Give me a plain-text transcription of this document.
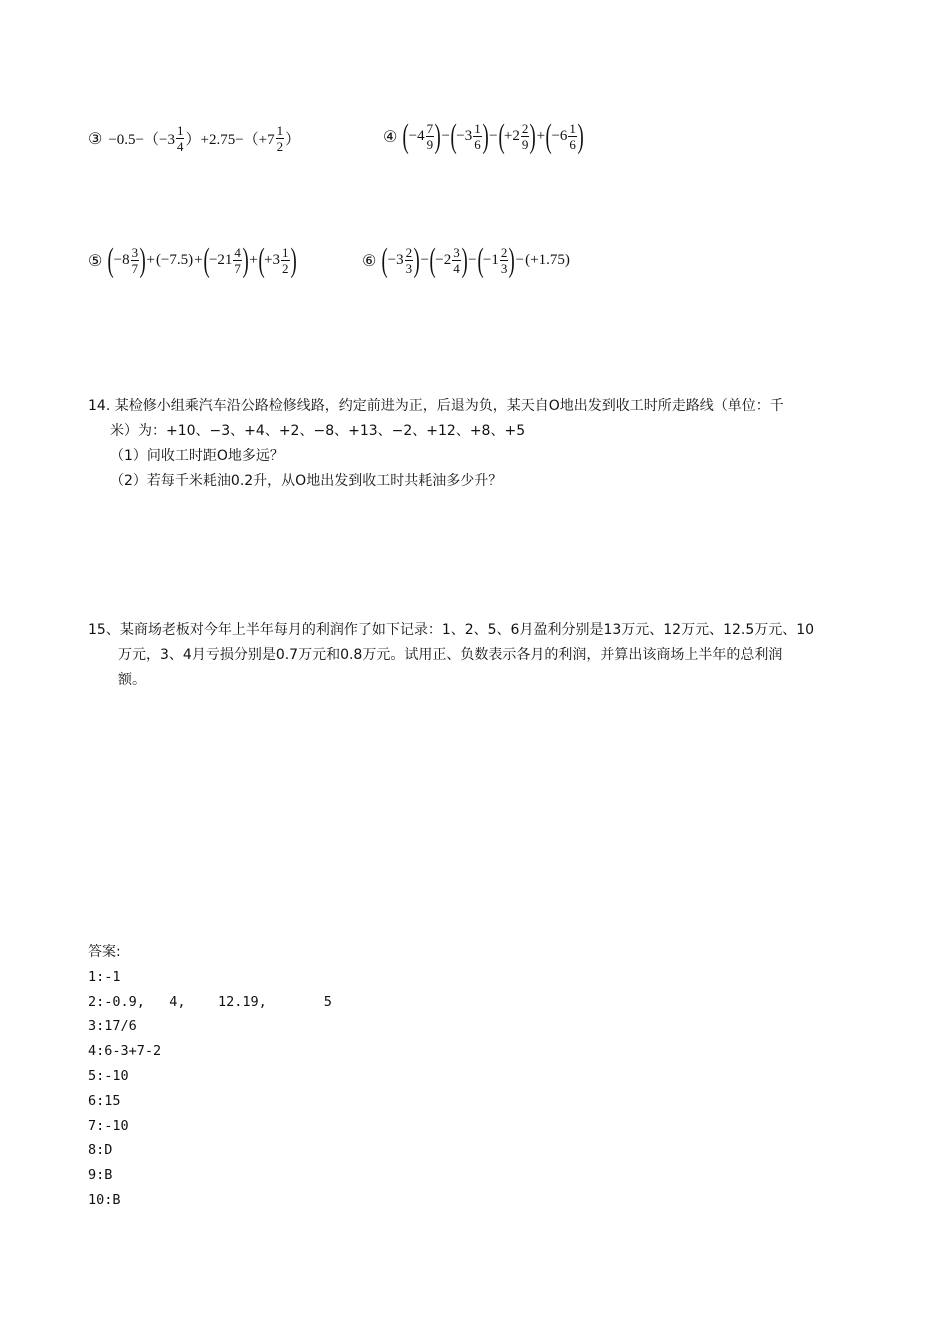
③ $-0.5-(-3 \frac{1}{4} )+2.75-(+7 \frac{1}{2}$ ）	④ ( $-4 \frac{7}{9}$ ) − ( $-3 \frac{1}{6}$ ) − ( $+2 \frac{2}{9}$ ) + ( $-6 \frac{1}{6}$ )
⑤ ( $-8 \frac{3}{7}$ ) + (−7.5) + ( $-21 \frac{4}{7}$ ) + ( $+3 \frac{1}{2}$ )	⑥ ( $-3 \frac{2}{3}$ ) − ( $-2 \frac{3}{4}$ ) − ( $-1 \frac{2}{3}$ ) − (+1.75)
14. 某检修小组乘汽车沿公路检修线路，约定前进为正，后退为负，某天自O地出发到收工时所走路线（单位：千
米）为：+10、−3、+4、+2、−8、+13、−2、+12、+8、+5
（1）问收工时距O地多远？
（2）若每千米耗油0.2升，从O地出发到收工时共耗油多少升？
15、某商场老板对今年上半年每月的利润作了如下记录：1、2、5、6月盈利分别是13万元、12万元、12.5万元、10
万元，3、4月亏损分别是0.7万元和0.8万元。试用正、负数表示各月的利润，并算出该商场上半年的总利润
额。
答案:
1:-1
2:-0.9,   4,    12.19,       5
3:17/6
4:6-3+7-2
5:-10
6:15
7:-10
8:D
9:B
10:B
